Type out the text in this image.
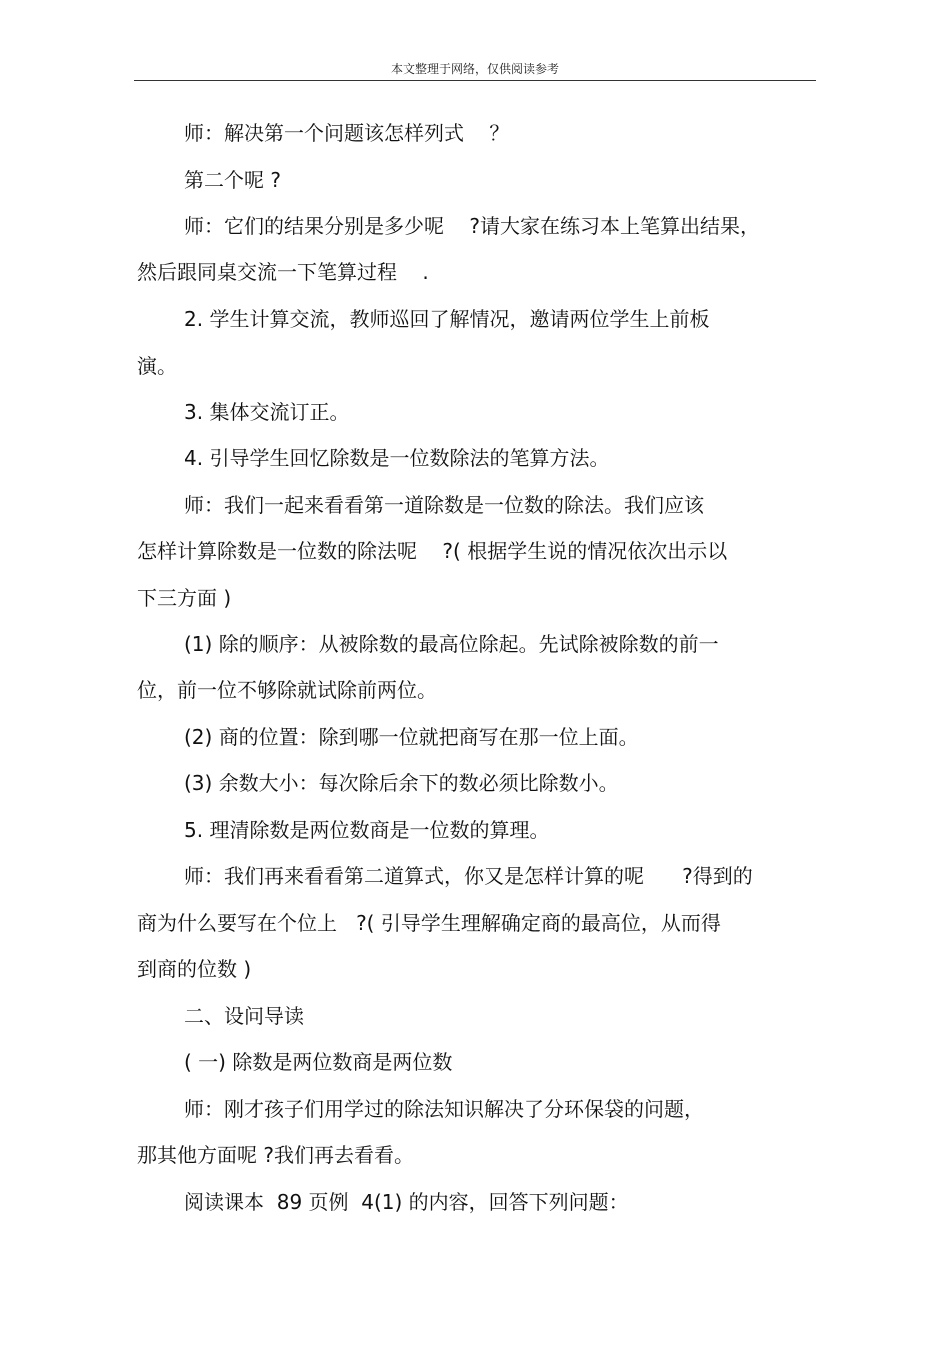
本文整理于网络，仅供阅读参考
师：解决第一个问题该怎样列式    ？
第二个呢 ?
师：它们的结果分别是多少呢    ?请大家在练习本上笔算出结果，
然后跟同桌交流一下笔算过程    .
2. 学生计算交流，教师巡回了解情况，邀请两位学生上前板
演。
3. 集体交流订正。
4. 引导学生回忆除数是一位数除法的笔算方法。
师：我们一起来看看第一道除数是一位数的除法。我们应该
怎样计算除数是一位数的除法呢    ?( 根据学生说的情况依次出示以
下三方面 )
(1) 除的顺序：从被除数的最高位除起。先试除被除数的前一
位，前一位不够除就试除前两位。
(2) 商的位置：除到哪一位就把商写在那一位上面。
(3) 余数大小：每次除后余下的数必须比除数小。
5. 理清除数是两位数商是一位数的算理。
师：我们再来看看第二道算式，你又是怎样计算的呢      ?得到的
商为什么要写在个位上   ?( 引导学生理解确定商的最高位，从而得
到商的位数 )
二、设问导读
( 一) 除数是两位数商是两位数
师：刚才孩子们用学过的除法知识解决了分环保袋的问题，
那其他方面呢 ?我们再去看看。
阅读课本  89 页例  4(1) 的内容，回答下列问题：
